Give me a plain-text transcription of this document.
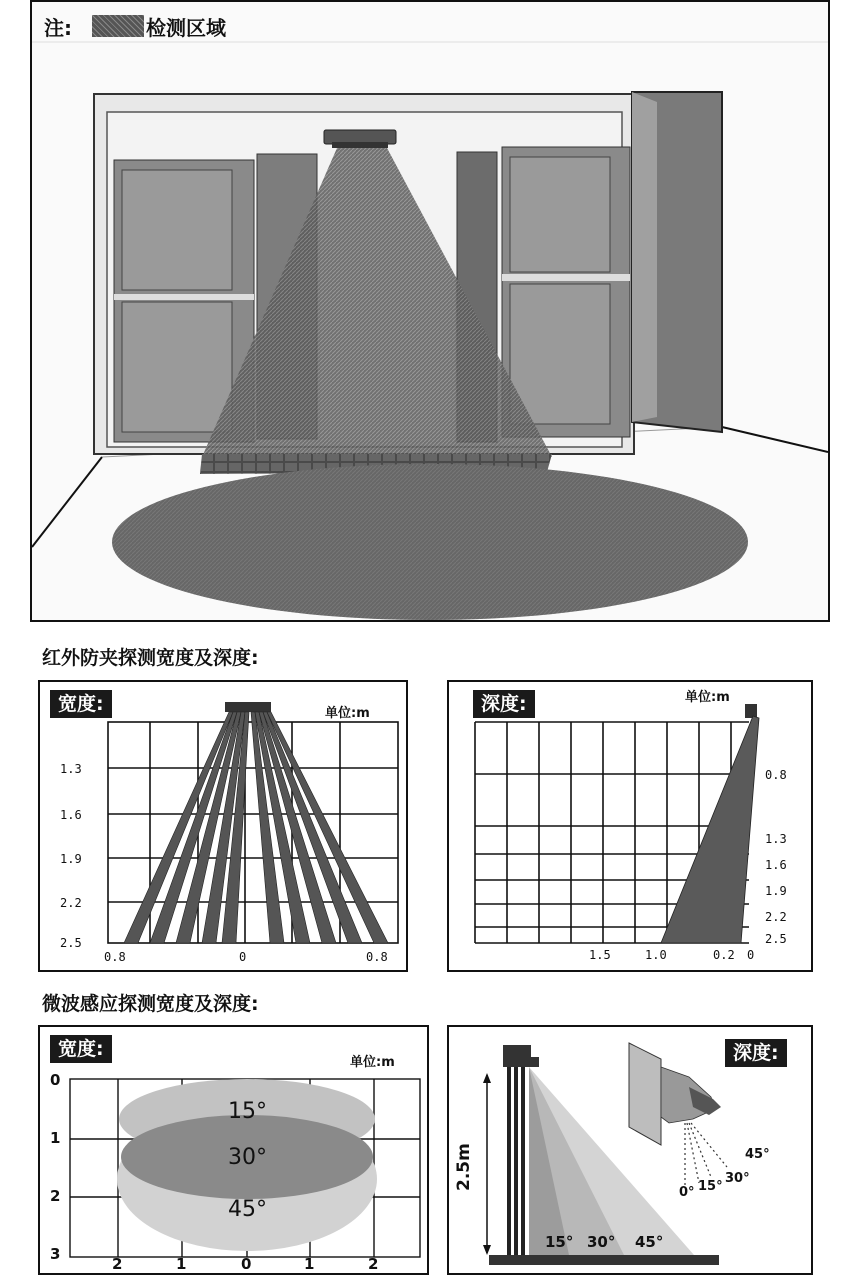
注:	检测区域
红外防夹探测宽度及深度:
宽度:	单位:m
1.3
1.6
1.9
2.2
2.5
0.8	0	0.8
深度:	单位:m
0.8
1.3
1.6
1.9
2.2
2.5
1.5	1.0	0.2 0
微波感应探测宽度及深度:
宽度:
单位:m
0
1
2
3
2	1	0	1	2
15°
30°
45°
深度:
2.5m
15° 30° 45°
0° 15°
30°
45°
